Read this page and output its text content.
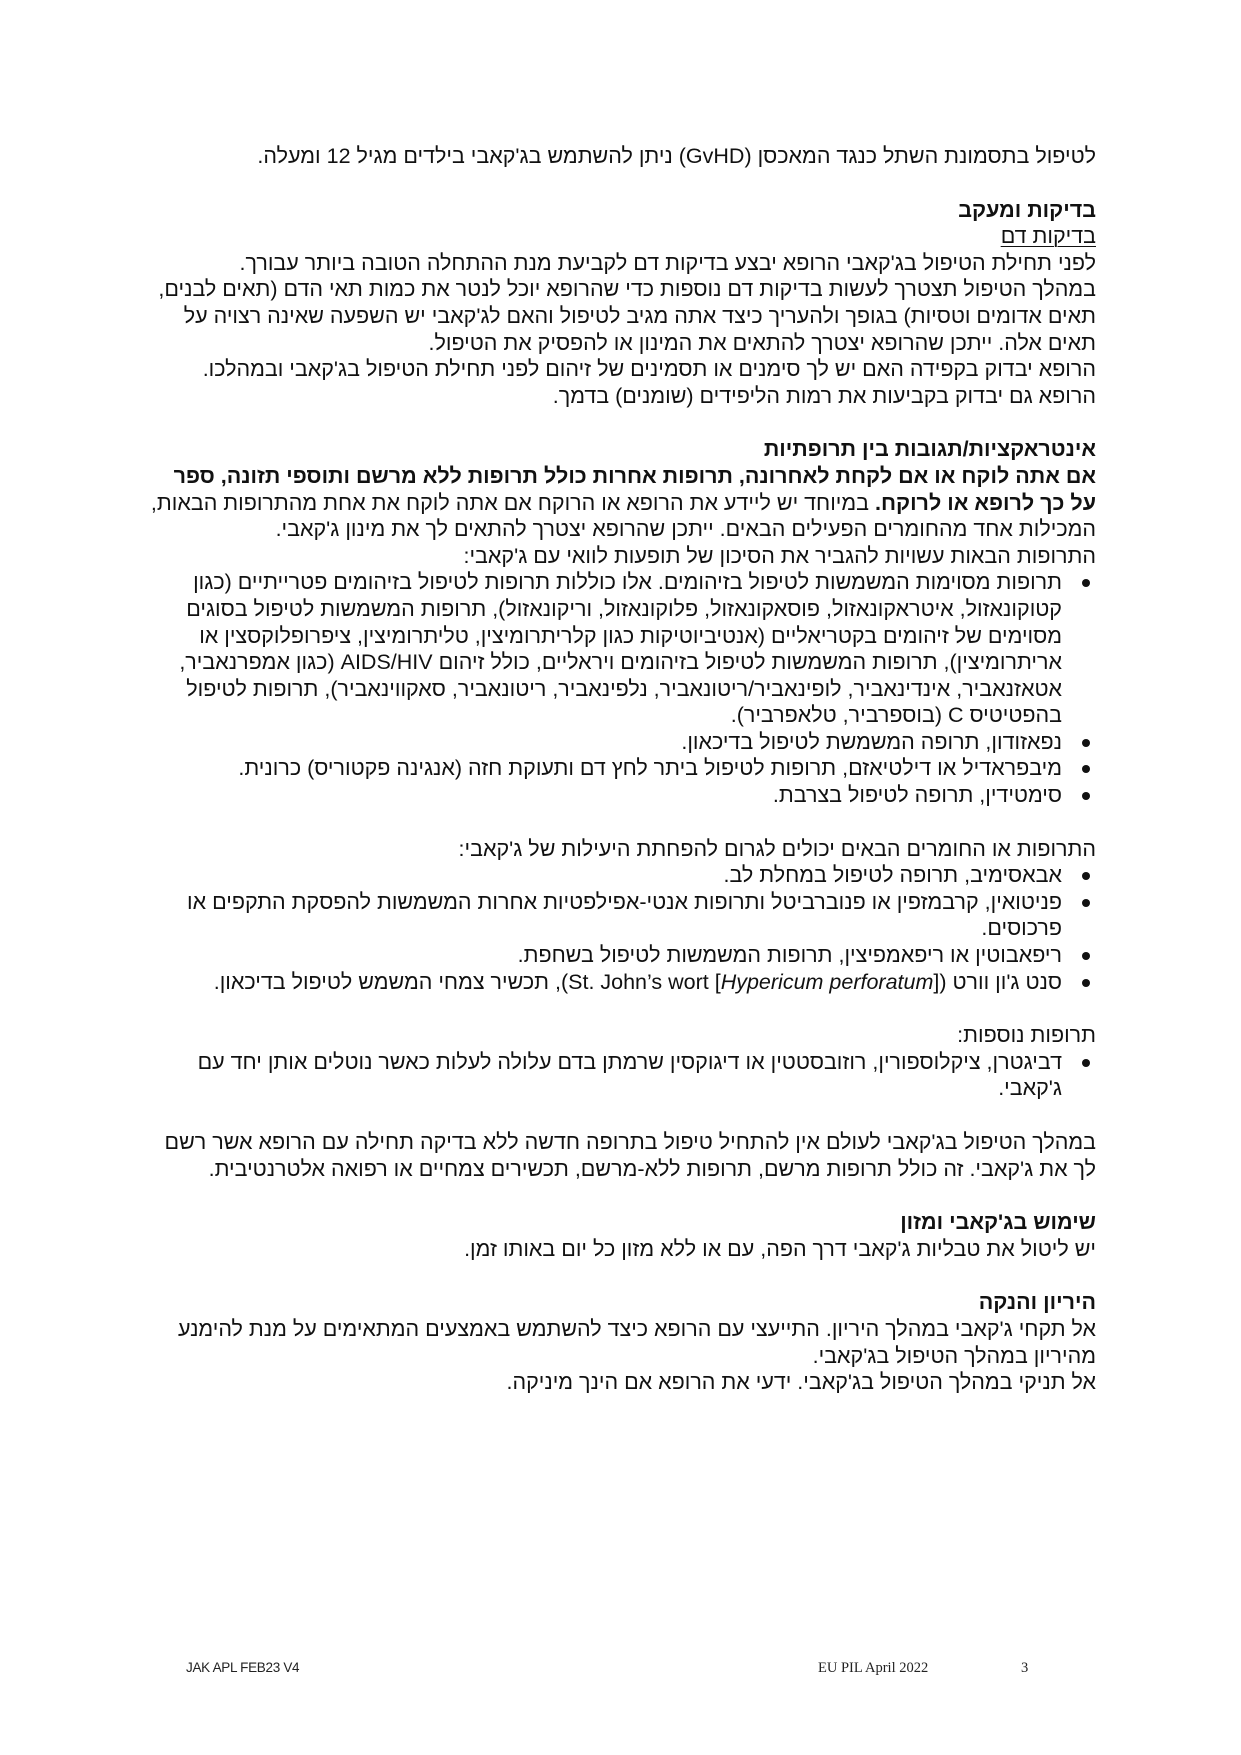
לטיפול בתסמונת השתל כנגד המאכסן (GvHD) ניתן להשתמש בג'קאבי בילדים מגיל 12 ומעלה.

בדיקות ומעקב

בדיקות דם

לפני תחילת הטיפול בג'קאבי הרופא יבצע בדיקות דם לקביעת מנת ההתחלה הטובה ביותר עבורך.

במהלך הטיפול תצטרך לעשות בדיקות דם נוספות כדי שהרופא יוכל לנטר את כמות תאי הדם (תאים לבנים, תאים אדומים וטסיות) בגופך ולהעריך כיצד אתה מגיב לטיפול והאם לג'קאבי יש השפעה שאינה רצויה על תאים אלה. ייתכן שהרופא יצטרך להתאים את המינון או להפסיק את הטיפול.

הרופא יבדוק בקפידה האם יש לך סימנים או תסמינים של זיהום לפני תחילת הטיפול בג'קאבי ובמהלכו. הרופא גם יבדוק בקביעות את רמות הליפידים (שומנים) בדמך.

אינטראקציות/תגובות בין תרופתיות

אם אתה לוקח או אם לקחת לאחרונה, תרופות אחרות כולל תרופות ללא מרשם ותוספי תזונה, ספר על כך לרופא או לרוקח. במיוחד יש ליידע את הרופא או הרוקח אם אתה לוקח את אחת מהתרופות הבאות, המכילות אחד מהחומרים הפעילים הבאים. ייתכן שהרופא יצטרך להתאים לך את מינון ג'קאבי.

התרופות הבאות עשויות להגביר את הסיכון של תופעות לוואי עם ג'קאבי:

תרופות מסוימות המשמשות לטיפול בזיהומים. אלו כוללות תרופות לטיפול בזיהומים פטרייתיים (כגון קטוקונאזול, איטראקונאזול, פוסאקונאזול, פלוקונאזול, וריקונאזול), תרופות המשמשות לטיפול בסוגים מסוימים של זיהומים בקטריאליים (אנטיביוטיקות כגון קלריתרומיצין, טליתרומיצין, ציפרופלוקסצין או אריתרומיצין), תרופות המשמשות לטיפול בזיהומים ויראליים, כולל זיהום AIDS/HIV (כגון אמפרנאביר, אטאזנאביר, אינדינאביר, לופינאביר/ריטונאביר, נלפינאביר, ריטונאביר, סאקווינאביר), תרופות לטיפול בהפטיטיס C (בוספרביר, טלאפרביר).
נפאזודון, תרופה המשמשת לטיפול בדיכאון.
מיבפראדיל או דילטיאזם, תרופות לטיפול ביתר לחץ דם ותעוקת חזה (אנגינה פקטוריס) כרונית.
סימטידין, תרופה לטיפול בצרבת.

התרופות או החומרים הבאים יכולים לגרום להפחתת היעילות של ג'קאבי:

אבאסימיב, תרופה לטיפול במחלת לב.
פניטואין, קרבמזפין או פנוברביטל ותרופות אנטי-אפילפטיות אחרות המשמשות להפסקת התקפים או פרכוסים.
ריפאבוטין או ריפאמפיצין, תרופות המשמשות לטיפול בשחפת.
סנט ג'ון וורט (St. John’s wort [Hypericum perforatum]), תכשיר צמחי המשמש לטיפול בדיכאון.

תרופות נוספות:

דביגטרן, ציקלוספורין, רוזובסטטין או דיגוקסין שרמתן בדם עלולה לעלות כאשר נוטלים אותן יחד עם ג'קאבי.

במהלך הטיפול בג'קאבי לעולם אין להתחיל טיפול בתרופה חדשה ללא בדיקה תחילה עם הרופא אשר רשם לך את ג'קאבי. זה כולל תרופות מרשם, תרופות ללא-מרשם, תכשירים צמחיים או רפואה אלטרנטיבית.

שימוש בג'קאבי ומזון

יש ליטול את טבליות ג'קאבי דרך הפה, עם או ללא מזון כל יום באותו זמן.

היריון והנקה

אל תקחי ג'קאבי במהלך היריון. התייעצי עם הרופא כיצד להשתמש באמצעים המתאימים על מנת להימנע מהיריון במהלך הטיפול בג'קאבי.

אל תניקי במהלך הטיפול בג'קאבי. ידעי את הרופא אם הינך מיניקה.

JAK APL FEB23 V4	EU PIL April 2022	3
